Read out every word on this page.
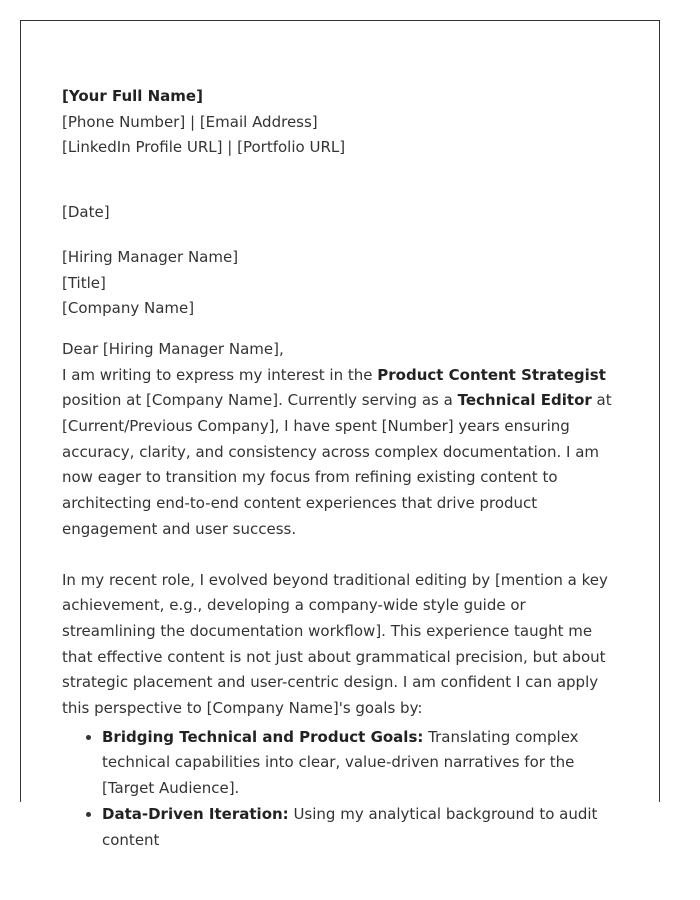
[Your Full Name]

[Phone Number] | [Email Address]

[LinkedIn Profile URL] | [Portfolio URL]

[Date]

[Hiring Manager Name]

[Title]

[Company Name]

Dear [Hiring Manager Name],

I am writing to express my interest in the Product Content Strategist position at [Company Name]. Currently serving as a Technical Editor at [Current/Previous Company], I have spent [Number] years ensuring accuracy, clarity, and consistency across complex documentation. I am now eager to transition my focus from refining existing content to architecting end-to-end content experiences that drive product engagement and user success.

In my recent role, I evolved beyond traditional editing by [mention a key achievement, e.g., developing a company-wide style guide or streamlining the documentation workflow]. This experience taught me that effective content is not just about grammatical precision, but about strategic placement and user-centric design. I am confident I can apply this perspective to [Company Name]'s goals by:

• Bridging Technical and Product Goals: Translating complex technical capabilities into clear, value-driven narratives for the [Target Audience].
• Data-Driven Iteration: Using my analytical background to audit content
